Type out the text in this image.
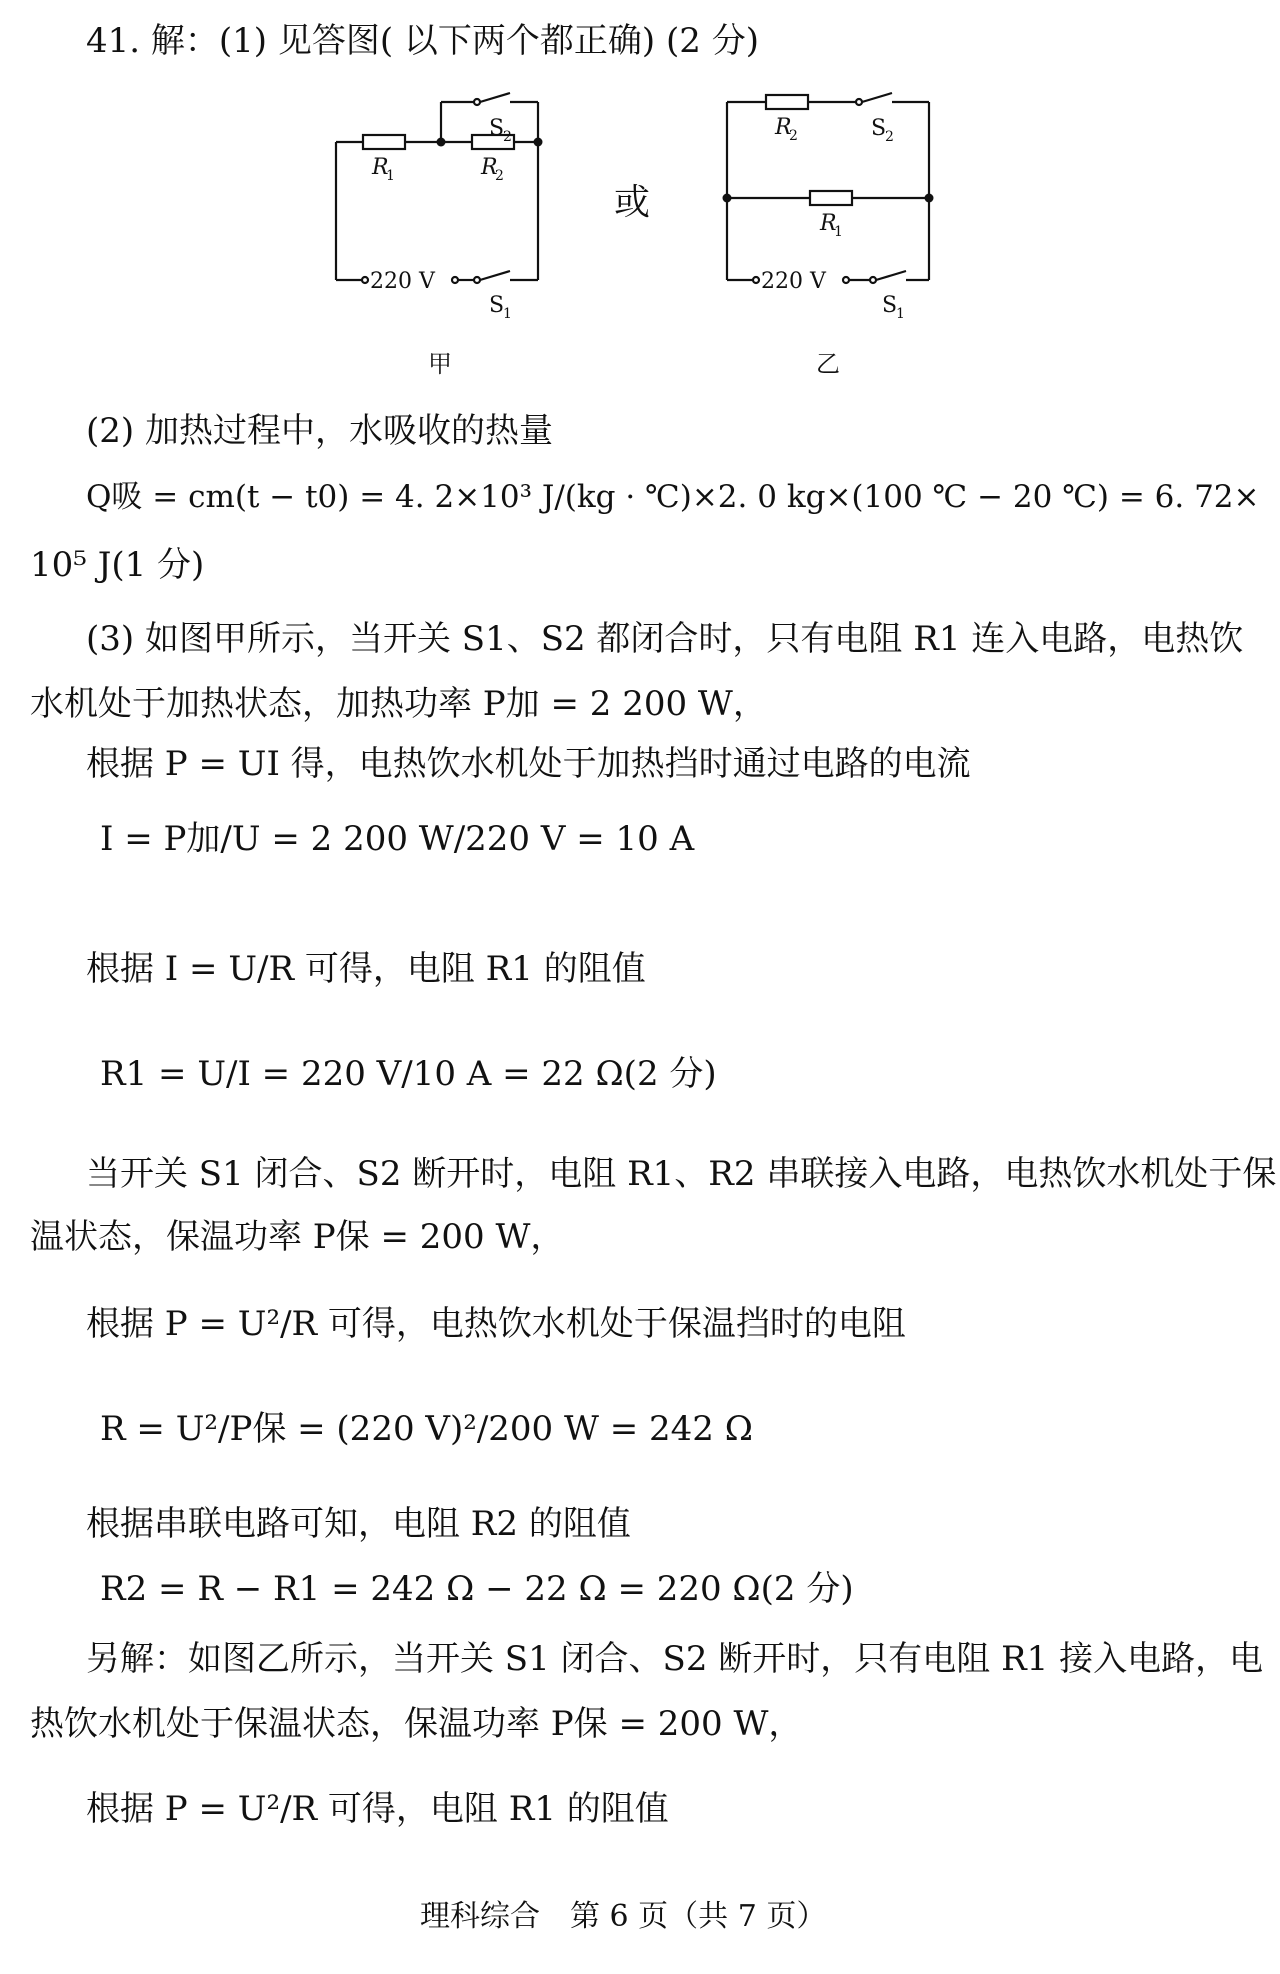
41. 解：(1) 见答图( 以下两个都正确) (2 分)
R
1	R
2
S
2
220 V
S
1
R
2	S
2
R
1
220 V
S
1
或
甲	乙
(2) 加热过程中，水吸收的热量
Q吸 = cm(t − t0) = 4. 2×10³ J/(kg · ℃)×2. 0 kg×(100 ℃ − 20 ℃) = 6. 72×
10⁵ J(1 分)
(3) 如图甲所示，当开关 S1、S2 都闭合时，只有电阻 R1 连入电路，电热饮
水机处于加热状态，加热功率 P加 = 2 200 W，
根据 P = UI 得，电热饮水机处于加热挡时通过电路的电流
I = P加/U = 2 200 W/220 V = 10 A
根据 I = U/R 可得，电阻 R1 的阻值
R1 = U/I = 220 V/10 A = 22 Ω(2 分)
当开关 S1 闭合、S2 断开时，电阻 R1、R2 串联接入电路，电热饮水机处于保
温状态，保温功率 P保 = 200 W，
根据 P = U²/R 可得，电热饮水机处于保温挡时的电阻
R = U²/P保 = (220 V)²/200 W = 242 Ω
根据串联电路可知，电阻 R2 的阻值
R2 = R − R1 = 242 Ω − 22 Ω = 220 Ω(2 分)
另解：如图乙所示，当开关 S1 闭合、S2 断开时，只有电阻 R1 接入电路，电
热饮水机处于保温状态，保温功率 P保 = 200 W，
根据 P = U²/R 可得，电阻 R1 的阻值
理科综合　第 6 页（共 7 页）
